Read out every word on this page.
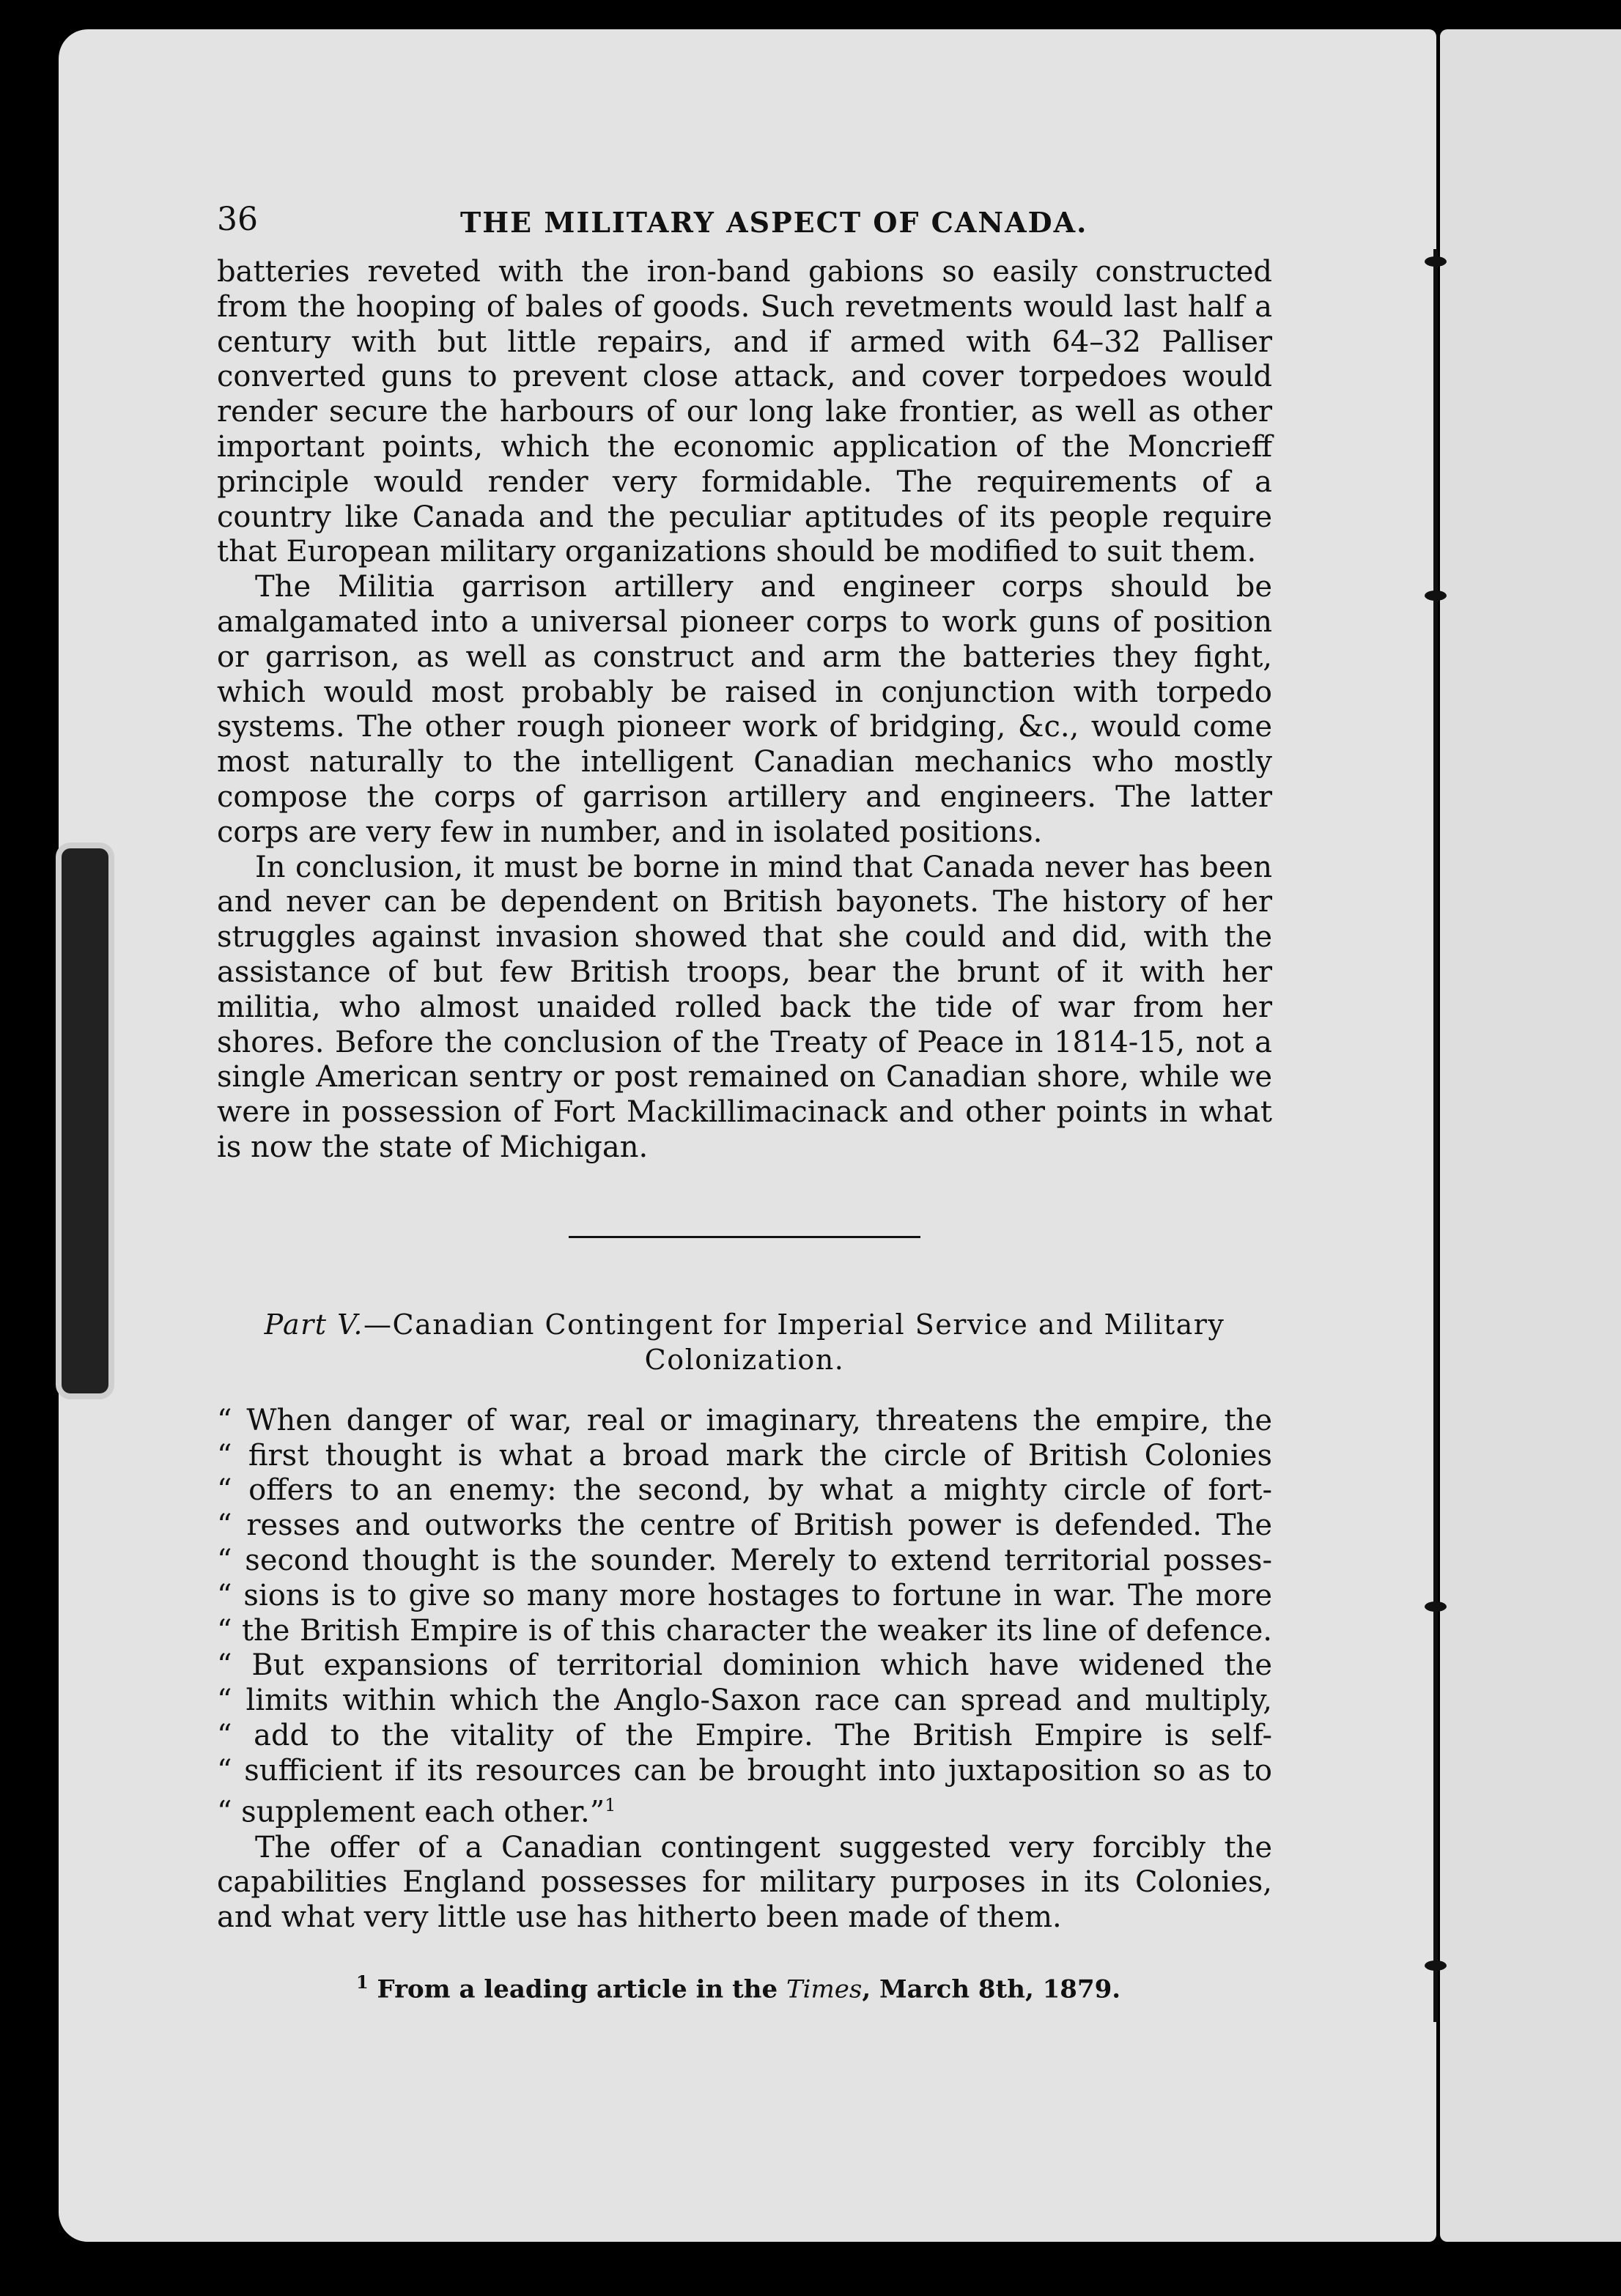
36	THE MILITARY ASPECT OF CANADA.

batteries reveted with the iron-band gabions so easily constructed from the hooping of bales of goods. Such revetments would last half a century with but little repairs, and if armed with 64–32 Palliser converted guns to prevent close attack, and cover torpedoes would render secure the harbours of our long lake frontier, as well as other important points, which the economic application of the Moncrieff principle would render very formidable. The requirements of a country like Canada and the peculiar aptitudes of its people require that European military organizations should be modified to suit them.

The Militia garrison artillery and engineer corps should be amalgamated into a universal pioneer corps to work guns of position or garrison, as well as construct and arm the batteries they fight, which would most probably be raised in conjunction with torpedo systems. The other rough pioneer work of bridging, &c., would come most naturally to the intelligent Canadian mechanics who mostly compose the corps of garrison artillery and engineers. The latter corps are very few in number, and in isolated positions.

In conclusion, it must be borne in mind that Canada never has been and never can be dependent on British bayonets. The history of her struggles against invasion showed that she could and did, with the assistance of but few British troops, bear the brunt of it with her militia, who almost unaided rolled back the tide of war from her shores. Before the conclusion of the Treaty of Peace in 1814-15, not a single American sentry or post remained on Canadian shore, while we were in possession of Fort Mackillimacinack and other points in what is now the state of Michigan.

Part V.—Canadian Contingent for Imperial Service and Military
Colonization.
“ When danger of war, real or imaginary, threatens the empire, the
“ first thought is what a broad mark the circle of British Colonies
“ offers to an enemy: the second, by what a mighty circle of fort-
“ resses and outworks the centre of British power is defended. The
“ second thought is the sounder. Merely to extend territorial posses-
“ sions is to give so many more hostages to fortune in war. The more
“ the British Empire is of this character the weaker its line of defence.
“ But expansions of territorial dominion which have widened the
“ limits within which the Anglo-Saxon race can spread and multiply,
“ add to the vitality of the Empire. The British Empire is self-
“ sufficient if its resources can be brought into juxtaposition so as to
“ supplement each other.”$^1$

The offer of a Canadian contingent suggested very forcibly the capabilities England possesses for military purposes in its Colonies, and what very little use has hitherto been made of them.

$^1$ From a leading article in the Times, March 8th, 1879.
